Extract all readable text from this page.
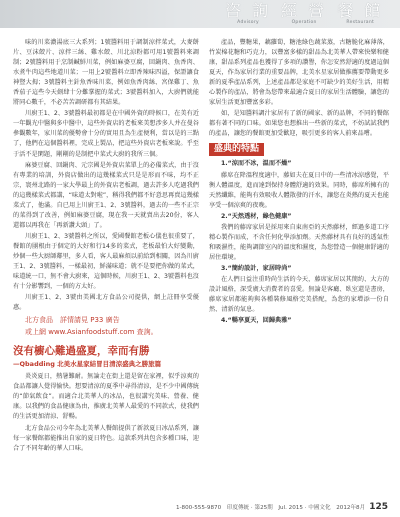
咨 詢
Advisory
經 營
Operation
餐 館
Restaurant

味的川菜濃湯底三大系列；1號醬料用于調制涼拌菜式，大麥餅片、豆沫餃片、涼拌三絲、雞水餃、川北涼粉都可用1號醬料來調制；2號醬料用于烹制鹹鮮川菜，例如麻婆豆腐，回鍋肉、魚香肉、水煮牛肉這些地道川菜；一用上2號醬料立即香辣味四溢，保證讓食神豎大拇；3號醬料主針魚香味川菜，例如魚香肉絲、宮保雞丁、魚香茄子這些今天劍肆十分難掌握的菜式；3號醬料加入，大廚們就能將同心數千，不必苦苦調研都有其結果。

川廚王1、2、3號醬料最初都是在中國外資的時候口，在美有近一年觀光中醫與多中醫中，這些外資店的老板來美想涉多人并在曼谷參觀數年，家川菜的優勢會十分的實用且為生產便利，當以是的三點了，他們在這個醬料裡，完成上製品，把這些外資店老板來說。乎至于活不是閑題，剛剛的是制把中菜式大廚的我所三個。

麻婆豆腐、回鍋肉、元宗國是外資店菜單上的必備菜式，由于沒有專業的培訓，外資店做出的這幾樣菜式只是是形而不味，均不正宗，寰州北路的一家大學最上的外資店老板調，過去許多人吃過我們的這幾樣菜式都講，“味道太對啦”，稱得我們都不好意思再賣這幾樣菜式了，他滿。自已用上川廚王1、2、3號醬料，過去的一些不正宗的菜得到了改善，例如麻婆豆腐，現在我一天就賣出去20份，客人還都以再我在「再新讚大頭」了。

川廚王1、2、3號醬料之所以，愛國餐館老板心儀也很重要了，餐館的團根由于個定的大好和行14多的菜式，老板最怕大好變動，炒個一些大厨師鄰里，多人看，客人最麻煩以前給到相關，因為川廚王1、2、3號醬料，一樣最初，鮮滿味道；就不是要把你做的菜式，味道統一口，無不會大廚來，這個時候，川廚王1、2、3號醬料也沒有十分影響到，一個的方太好。

川廚王1、2、3號由美國北方食品公司提供，網上註冊享受優惠。

北方食品　詳情請見 P33 廣告
或上網 www.Asianfoodstuff.com 查詢。
沒有櫥心難過盛夏，幸而有勝
—Qbadding 北美水星家結冒目清涼盛典之勝旅篇

炎炎夏日，熱暑難耐。無論走在街上還是留在家裡，似乎涼爽的食品都讓人覺得愉快。想要清涼的夏季中尋得清涼，是不少中國傳統的“節氣飲食”。而適合北美華人的冰品，也很講究美味、營養、健康。以我們的食品健康為由，推廣北美華人最愛的不同款式，使我們的生活更加清涼、舒暢。

北方食品公司今年為北美華人餐館提供了新款夏日冰品系列，讓每一家餐館都能推出自家的夏日特色。這款系列共包含多種口味，迎合了不同年齡的華人口味。

產品，豐糖果，藕蘿蔔，糖池綠色蔬菜蒸，古糖脆化麻薄落，竹炭棉花糖和巧克力，以豐富多樣的甜品為北美華人帶來快樂和健康，甜品系列產品也獲得了多項的讚譽，你怎安然舒適的度過這個夏天，作為家居行業的重要品牌，北美水星家居做推薦要帶動更多新的夏季產品系列，上述產品都是家庭不可缺少的美好生活，用精心製作的產品，將會為您帶來最適合夏日的家居生活體驗，讓您的家居生活更加豐富多彩。

如，是知醬料調汁家居有了新的國家、新的品牌，不同的餐館都有著不同的口味。如果您也想推出一些新的菜式，不妨試試我們的產品，讓您的餐館更加受歡迎，吸引更多的客人前來品嚐。

盛典的特點

1.“涼而不冰，温而不燥”

藤席在降溫程度適中，藤如夫在夏日中的一些清冰涼感覺，平衡人體溫度，進而達到保持身體舒適的效果。同時，藤席所擁有的天然纖維，能夠有效吸收人體散發的汗水，讓您在炎熱的夏天也能享受一個涼爽的夜晚。

2.“天然透材，綠色健康”

我們的藤席家居是採用來自東南亞的天然藤材，經過多道工序精心製作而成，不含任何化學添加劑。天然藤材具有良好的透氣性和吸濕性，能夠調節室內的溫度和濕度，為您營造一個健康舒適的居住環境。

3.“簡約設計，家居時尚”

在人們日益注重時尚生活的今天，藤席家居以其簡約、大方的設計風格，深受廣大消費者的喜愛。無論是客廳、臥室還是書房，藤席家居都能夠與各種裝修風格完美搭配，為您的家增添一份自然、清新的氣息。

4.“暢享夏天，回歸典雅”

1-800-555-9870　印度傳統 · 第25期　Jul. 2015 · 中國文化　2012年8月 125
